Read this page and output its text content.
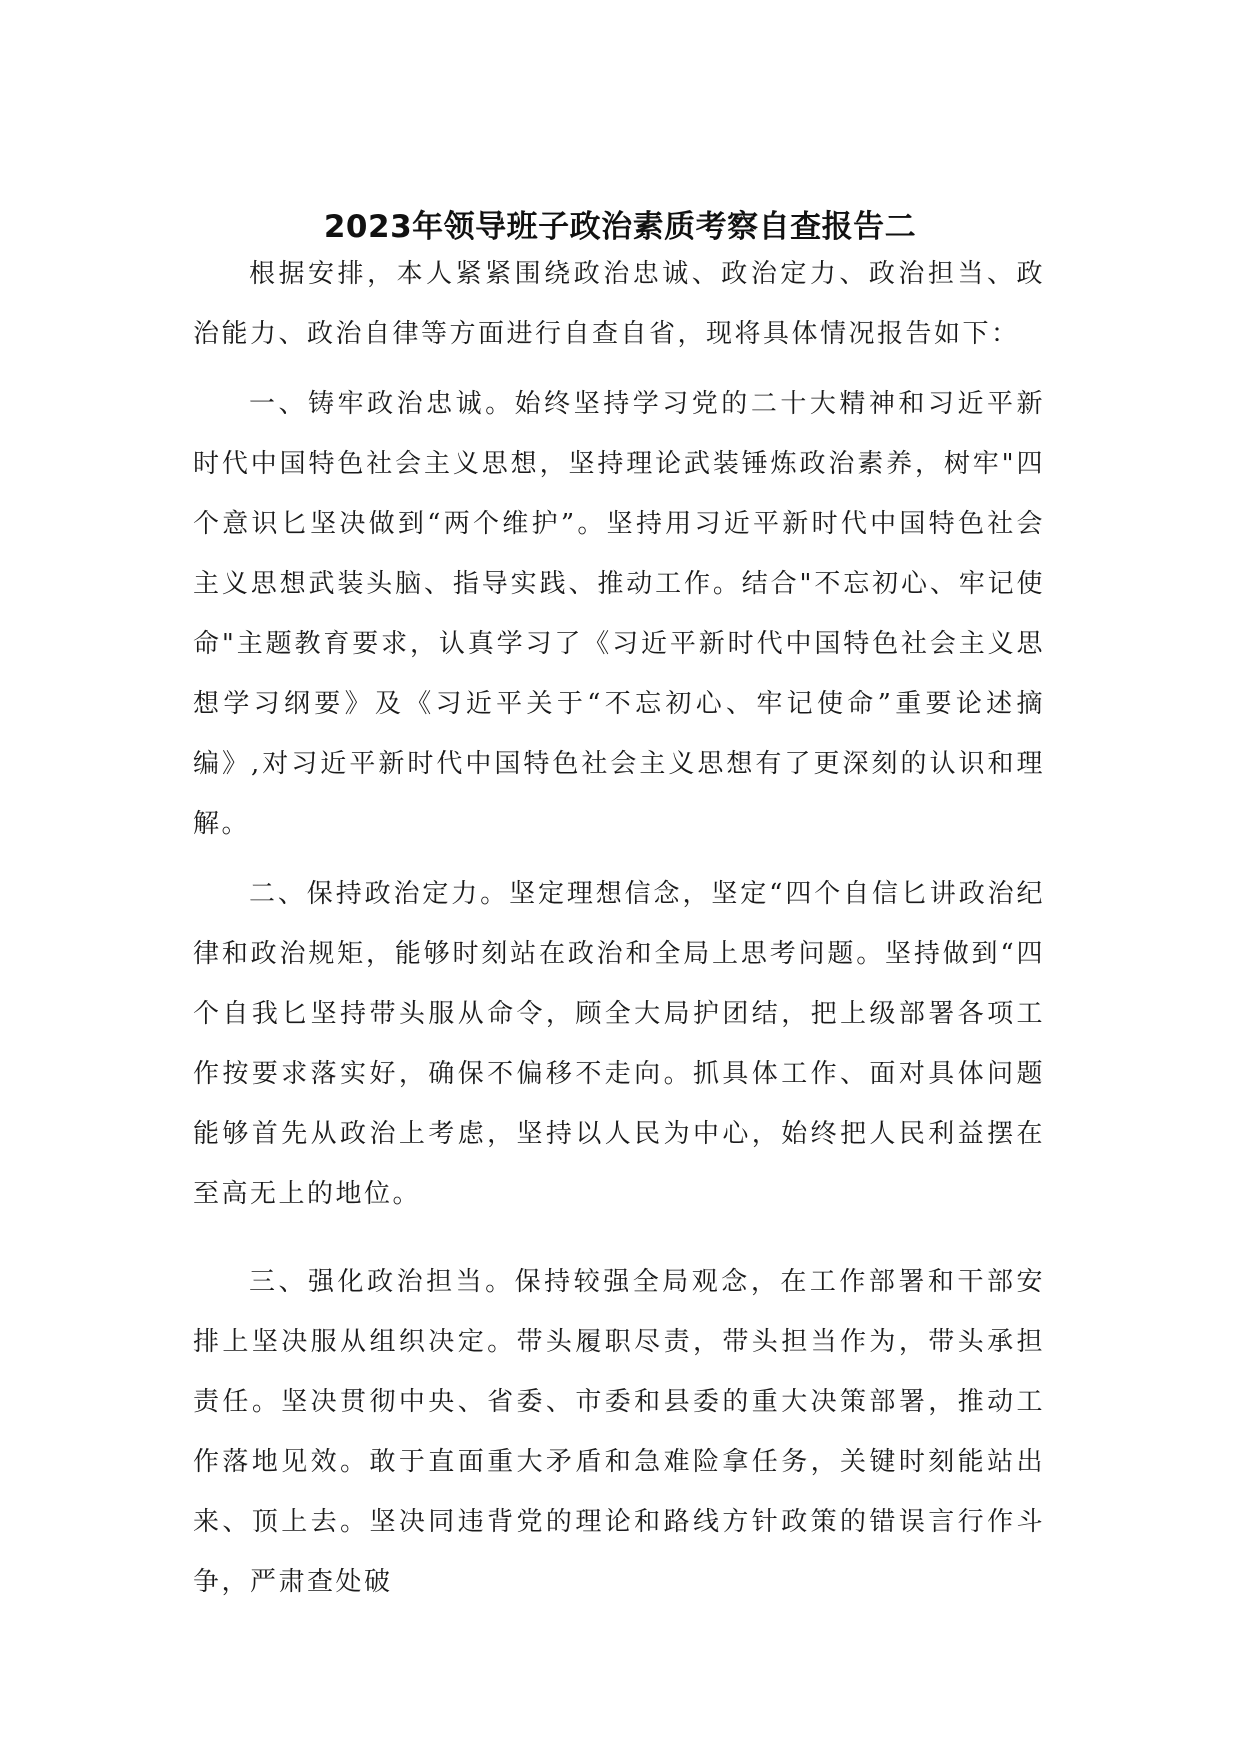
2023年领导班子政治素质考察自查报告二

根据安排，本人紧紧围绕政治忠诚、政治定力、政治担当、政治能力、政治自律等方面进行自查自省，现将具体情况报告如下：

一、铸牢政治忠诚。始终坚持学习党的二十大精神和习近平新时代中国特色社会主义思想，坚持理论武装锤炼政治素养，树牢"四个意识匕坚决做到“两个维护”。坚持用习近平新时代中国特色社会主义思想武装头脑、指导实践、推动工作。结合"不忘初心、牢记使命"主题教育要求，认真学习了《习近平新时代中国特色社会主义思想学习纲要》及《习近平关于“不忘初心、牢记使命”重要论述摘编》,对习近平新时代中国特色社会主义思想有了更深刻的认识和理解。

二、保持政治定力。坚定理想信念，坚定“四个自信匕讲政治纪律和政治规矩，能够时刻站在政治和全局上思考问题。坚持做到“四个自我匕坚持带头服从命令，顾全大局护团结，把上级部署各项工作按要求落实好，确保不偏移不走向。抓具体工作、面对具体问题能够首先从政治上考虑，坚持以人民为中心，始终把人民利益摆在至高无上的地位。

三、强化政治担当。保持较强全局观念，在工作部署和干部安排上坚决服从组织决定。带头履职尽责，带头担当作为，带头承担责任。坚决贯彻中央、省委、市委和县委的重大决策部署，推动工作落地见效。敢于直面重大矛盾和急难险拿任务，关键时刻能站出来、顶上去。坚决同违背党的理论和路线方针政策的错误言行作斗争，严肃查处破
